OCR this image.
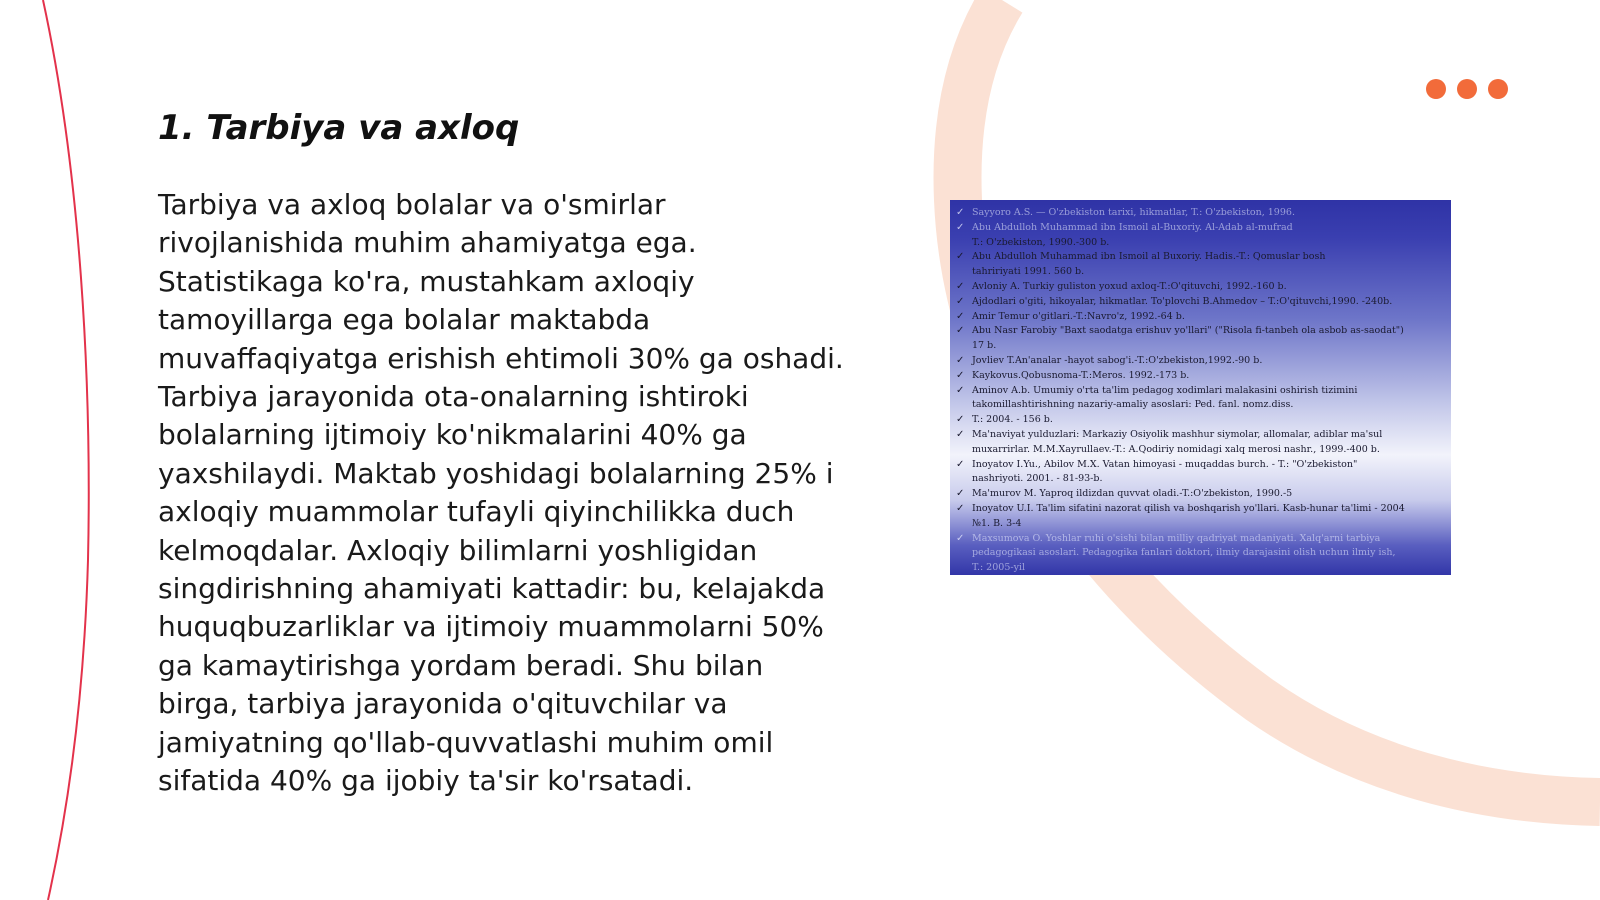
1. Tarbiya va axloq

Tarbiya va axloq bolalar va o'smirlar rivojlanishida muhim ahamiyatga ega. Statistikaga ko'ra, mustahkam axloqiy tamoyillarga ega bolalar maktabda muvaffaqiyatga erishish ehtimoli 30% ga oshadi. Tarbiya jarayonida ota-onalarning ishtiroki bolalarning ijtimoiy ko'nikmalarini 40% ga yaxshilaydi. Maktab yoshidagi bolalarning 25% i axloqiy muammolar tufayli qiyinchilikka duch kelmoqdalar. Axloqiy bilimlarni yoshligidan singdirishning ahamiyati kattadir: bu, kelajakda huquqbuzarliklar va ijtimoiy muammolarni 50% ga kamaytirishga yordam beradi. Shu bilan birga, tarbiya jarayonida o'qituvchilar va jamiyatning qo'llab-quvvatlashi muhim omil sifatida 40% ga ijobiy ta'sir ko'rsatadi.

✓ Sayyoro A.S. — O'zbekiston tarixi, hikmatlar, T.: O'zbekiston, 1996.
✓ Abu Abdulloh Muhammad ibn Ismoil al-Buxoriy. Al-Adab al-mufrad
T.: O'zbekiston, 1990.-300 b.
✓ Abu Abdulloh Muhammad ibn Ismoil al Buxoriy. Hadis.-T.: Qomuslar bosh
tahririyati 1991. 560 b.
✓ Avloniy A. Turkiy guliston yoxud axloq-T.:O'qituvchi, 1992.-160 b.
✓ Ajdodlari o'giti, hikoyalar, hikmatlar. To'plovchi B.Ahmedov – T.:O'qituvchi,1990. -240b.
✓ Amir Temur o'gitlari.-T.:Navro'z, 1992.-64 b.
✓ Abu Nasr Farobiy "Baxt saodatga erishuv yo'llari" ("Risola fi-tanbeh ola asbob as-saodat")
17 b.
✓ Jovliev T.An'analar -hayot sabog'i.-T.:O'zbekiston,1992.-90 b.
✓ Kaykovus.Qobusnoma-T.:Meros. 1992.-173 b.
✓ Aminov A.b. Umumiy o'rta ta'lim pedagog xodimlari malakasini oshirish tizimini
takomillashtirishning nazariy-amaliy asoslari: Ped. fanl. nomz.diss.
✓ T.: 2004. - 156 b.
✓ Ma'naviyat yulduzlari: Markaziy Osiyolik mashhur siymolar, allomalar, adiblar ma'sul
muxarrirlar. M.M.Xayrullaev.-T.: A.Qodiriy nomidagi xalq merosi nashr., 1999.-400 b.
✓ Inoyatov I.Yu., Abilov M.X. Vatan himoyasi - muqaddas burch. - T.: "O'zbekiston"
nashriyoti. 2001. - 81-93-b.
✓ Ma'murov M. Yaproq ildizdan quvvat oladi.-T.:O'zbekiston, 1990.-5
✓ Inoyatov U.I. Ta'lim sifatini nazorat qilish va boshqarish yo'llari. Kasb-hunar ta'limi - 2004
№1. B. 3-4
✓ Maxsumova O. Yoshlar ruhi o'sishi bilan milliy qadriyat madaniyati. Xalq'arni tarbiya
pedagogikasi asoslari. Pedagogika fanlari doktori, ilmiy darajasini olish uchun ilmiy ish,
T.: 2005-yil
